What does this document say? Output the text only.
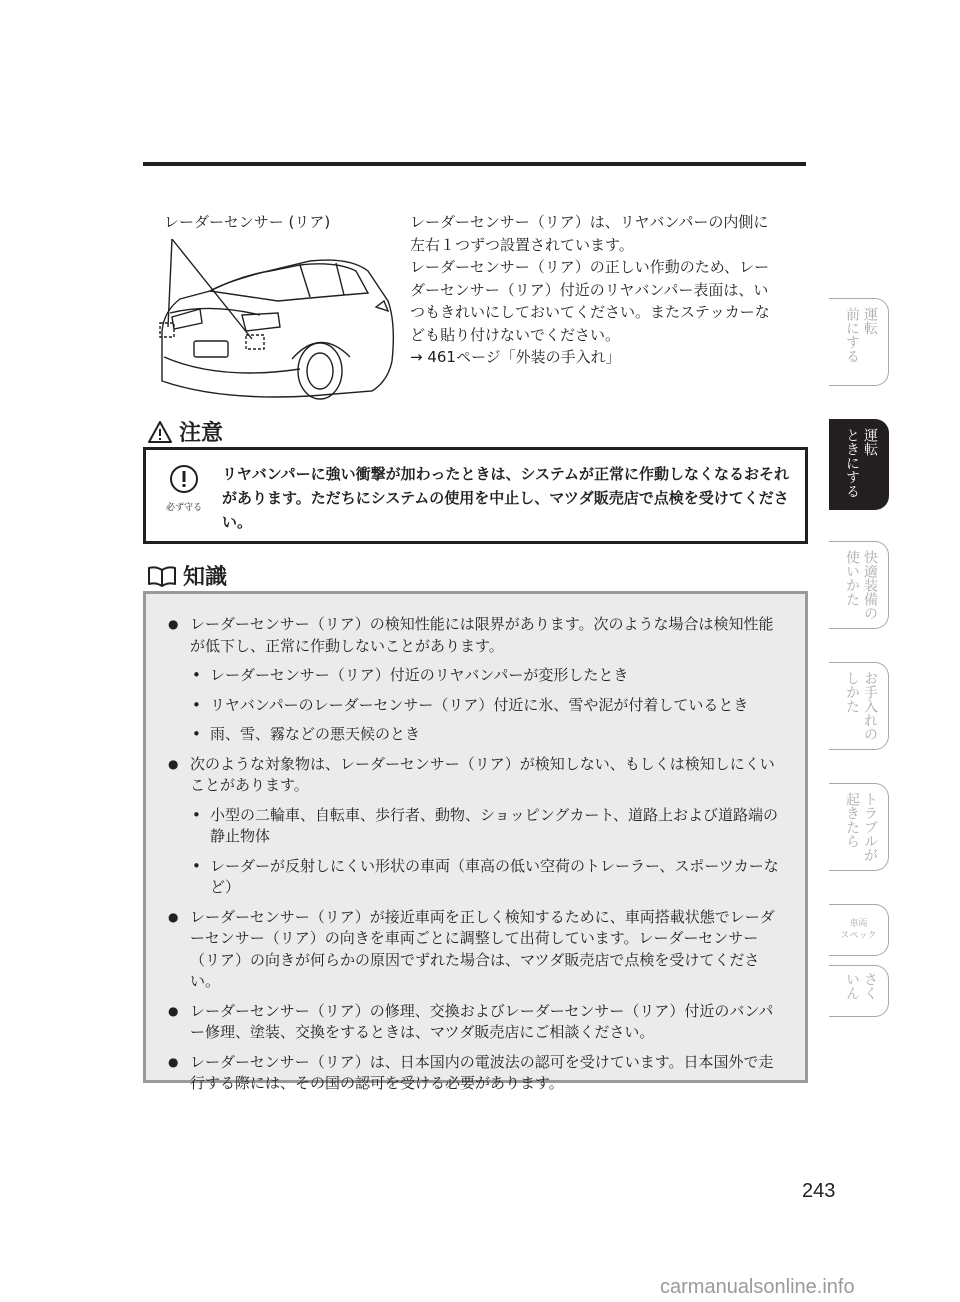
レーダーセンサー (リア)	レーダーセンサー（リア）は、リヤバンパーの内側に
左右１つずつ設置されています。
レーダーセンサー（リア）の正しい作動のため、レー
ダーセンサー（リア）付近のリヤバンパー表面は、い
つもきれいにしておいてください。またステッカーな
ども貼り付けないでください。
→ 461ページ「外装の手入れ」

注意
必ず守る
リヤバンパーに強い衝撃が加わったときは、システムが正常に作動しなくなるおそれがあります。ただちにシステムの使用を中止し、マツダ販売店で点検を受けてください。
知識
● レーダーセンサー（リア）の検知性能には限界があります。次のような場合は検知性能が低下し、正常に作動しないことがあります。
• レーダーセンサー（リア）付近のリヤバンパーが変形したとき
• リヤバンパーのレーダーセンサー（リア）付近に氷、雪や泥が付着しているとき
• 雨、雪、霧などの悪天候のとき
● 次のような対象物は、レーダーセンサー（リア）が検知しない、もしくは検知しにくいことがあります。
• 小型の二輪車、自転車、歩行者、動物、ショッピングカート、道路上および道路端の静止物体
• レーダーが反射しにくい形状の車両（車高の低い空荷のトレーラー、スポーツカーなど）
● レーダーセンサー（リア）が接近車両を正しく検知するために、車両搭載状態でレーダーセンサー（リア）の向きを車両ごとに調整して出荷しています。レーダーセンサー（リア）の向きが何らかの原因でずれた場合は、マツダ販売店で点検を受けてください。
● レーダーセンサー（リア）の修理、交換およびレーダーセンサー（リア）付近のバンパー修理、塗装、交換をするときは、マツダ販売店にご相談ください。
● レーダーセンサー（リア）は、日本国内の電波法の認可を受けています。日本国外で走行する際には、その国の認可を受ける必要があります。
運転
前にする
運転
ときにする
快適装備の
使いかた
お手入れの
しかた
トラブルが
起きたら
車両
スペック
さく
いん
243
carmanualsonline.info
